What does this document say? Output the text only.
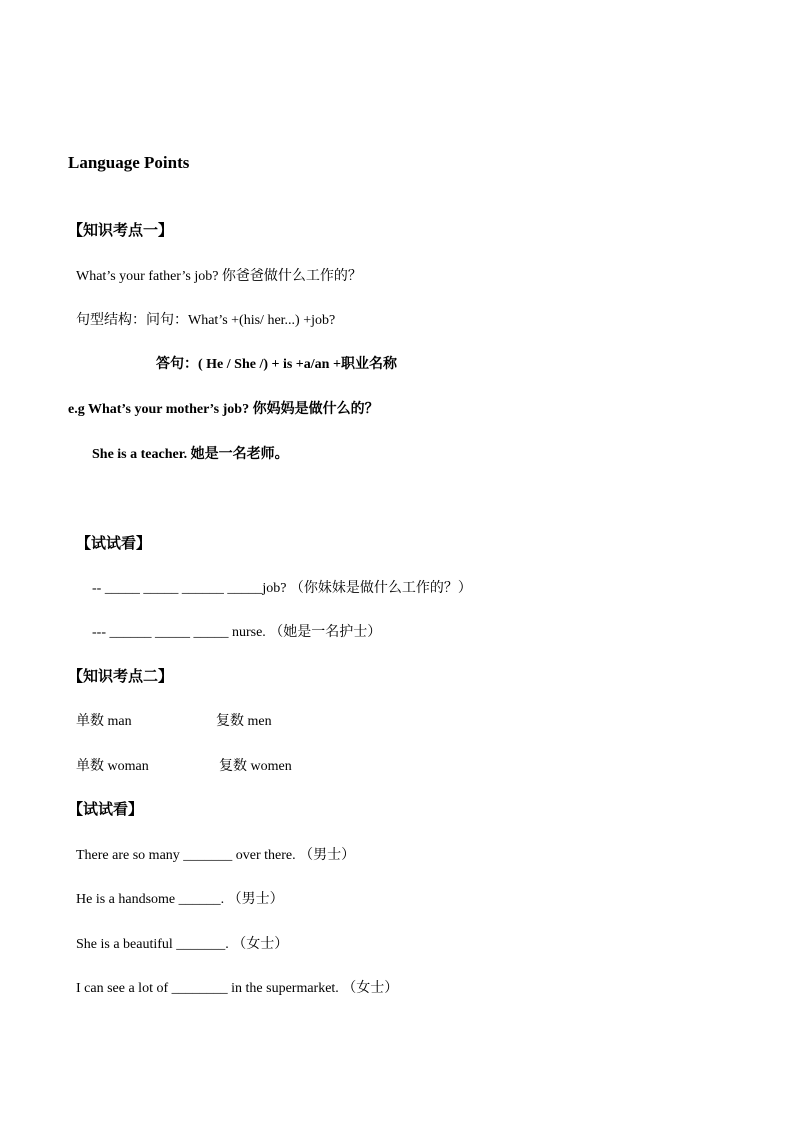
Language Points
【知识考点一】
What’s your father’s job? 你爸爸做什么工作的？
句型结构：问句：What’s +(his/ her...) +job?
答句：( He / She /) + is +a/an +职业名称
e.g What’s your mother’s job? 你妈妈是做什么的？
She is a teacher. 她是一名老师。
【试试看】
-- _____ _____ ______ _____job? （你妹妹是做什么工作的？）
--- ______ _____ _____ nurse. （她是一名护士）
【知识考点二】
单数 man	复数 men
单数 woman	复数 women
【试试看】
There are so many _______ over there. （男士）
He is a handsome ______. （男士）
She is a beautiful _______. （女士）
I can see a lot of ________ in the supermarket. （女士）
